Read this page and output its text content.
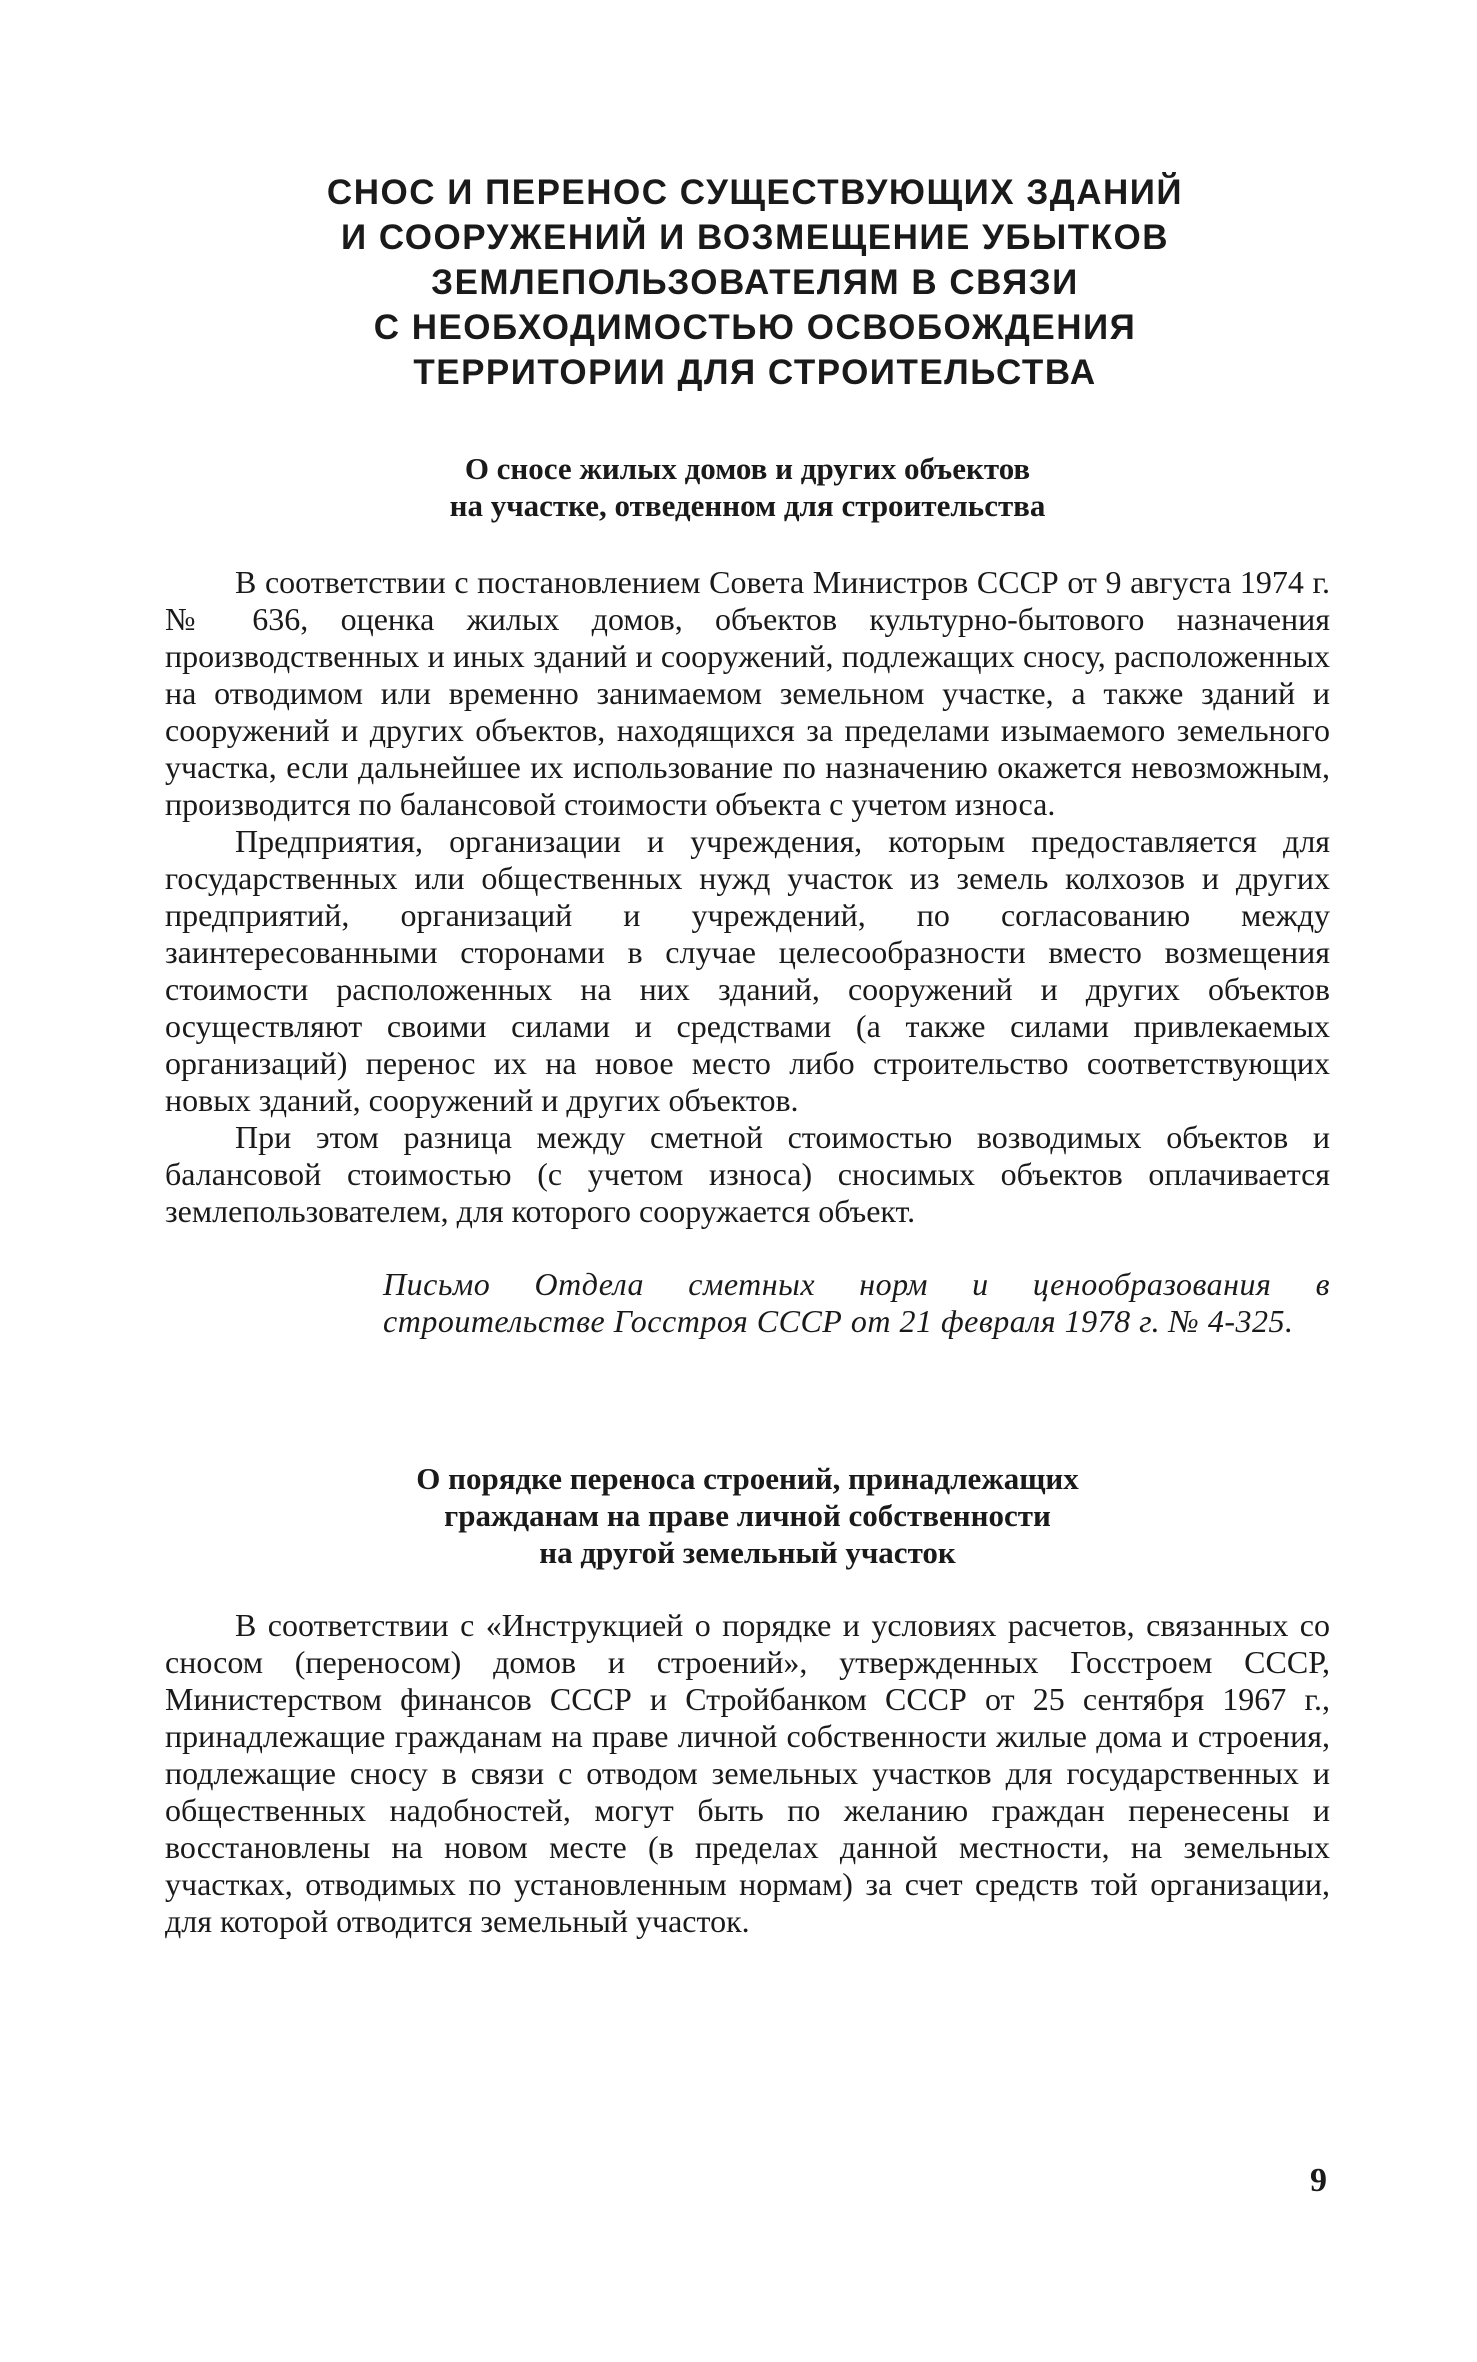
СНОС И ПЕРЕНОС СУЩЕСТВУЮЩИХ ЗДАНИЙ
И СООРУЖЕНИЙ И ВОЗМЕЩЕНИЕ УБЫТКОВ
ЗЕМЛЕПОЛЬЗОВАТЕЛЯМ В СВЯЗИ
С НЕОБХОДИМОСТЬЮ ОСВОБОЖДЕНИЯ
ТЕРРИТОРИИ ДЛЯ СТРОИТЕЛЬСТВА
О сносе жилых домов и других объектов
на участке, отведенном для строительства

В соответствии с постановлением Совета Министров СССР от 9 августа 1974 г. № 636, оценка жилых домов, объектов культурно-бытового назначения производственных и иных зданий и сооружений, подлежащих сносу, расположенных на отводимом или временно занимаемом земельном участке, а также зданий и сооружений и других объектов, находящихся за пределами изымаемого земельного участка, если дальнейшее их использование по назначению окажется невозможным, производится по балансовой стоимости объекта с учетом износа.

Предприятия, организации и учреждения, которым предоставляется для государственных или общественных нужд участок из земель колхозов и других предприятий, организаций и учреждений, по согласованию между заинтересованными сторонами в случае целесообразности вместо возмещения стоимости расположенных на них зданий, сооружений и других объектов осуществляют своими силами и средствами (а также силами привлекаемых организаций) перенос их на новое место либо строительство соответствующих новых зданий, сооружений и других объектов.

При этом разница между сметной стоимостью возводимых объектов и балансовой стоимостью (с учетом износа) сносимых объектов оплачивается землепользователем, для которого сооружается объект.

Письмо Отдела сметных норм и ценообразования в строительстве Госстроя СССР от 21 февраля 1978 г. № 4-325.

О порядке переноса строений, принадлежащих
гражданам на праве личной собственности
на другой земельный участок

В соответствии с «Инструкцией о порядке и условиях расчетов, связанных со сносом (переносом) домов и строений», утвержденных Госстроем СССР, Министерством финансов СССР и Стройбанком СССР от 25 сентября 1967 г., принадлежащие гражданам на праве личной собственности жилые дома и строения, подлежащие сносу в связи с отводом земельных участков для государственных и общественных надобностей, могут быть по желанию граждан перенесены и восстановлены на новом месте (в пределах данной местности, на земельных участках, отводимых по установленным нормам) за счет средств той организации, для которой отводится земельный участок.

9
